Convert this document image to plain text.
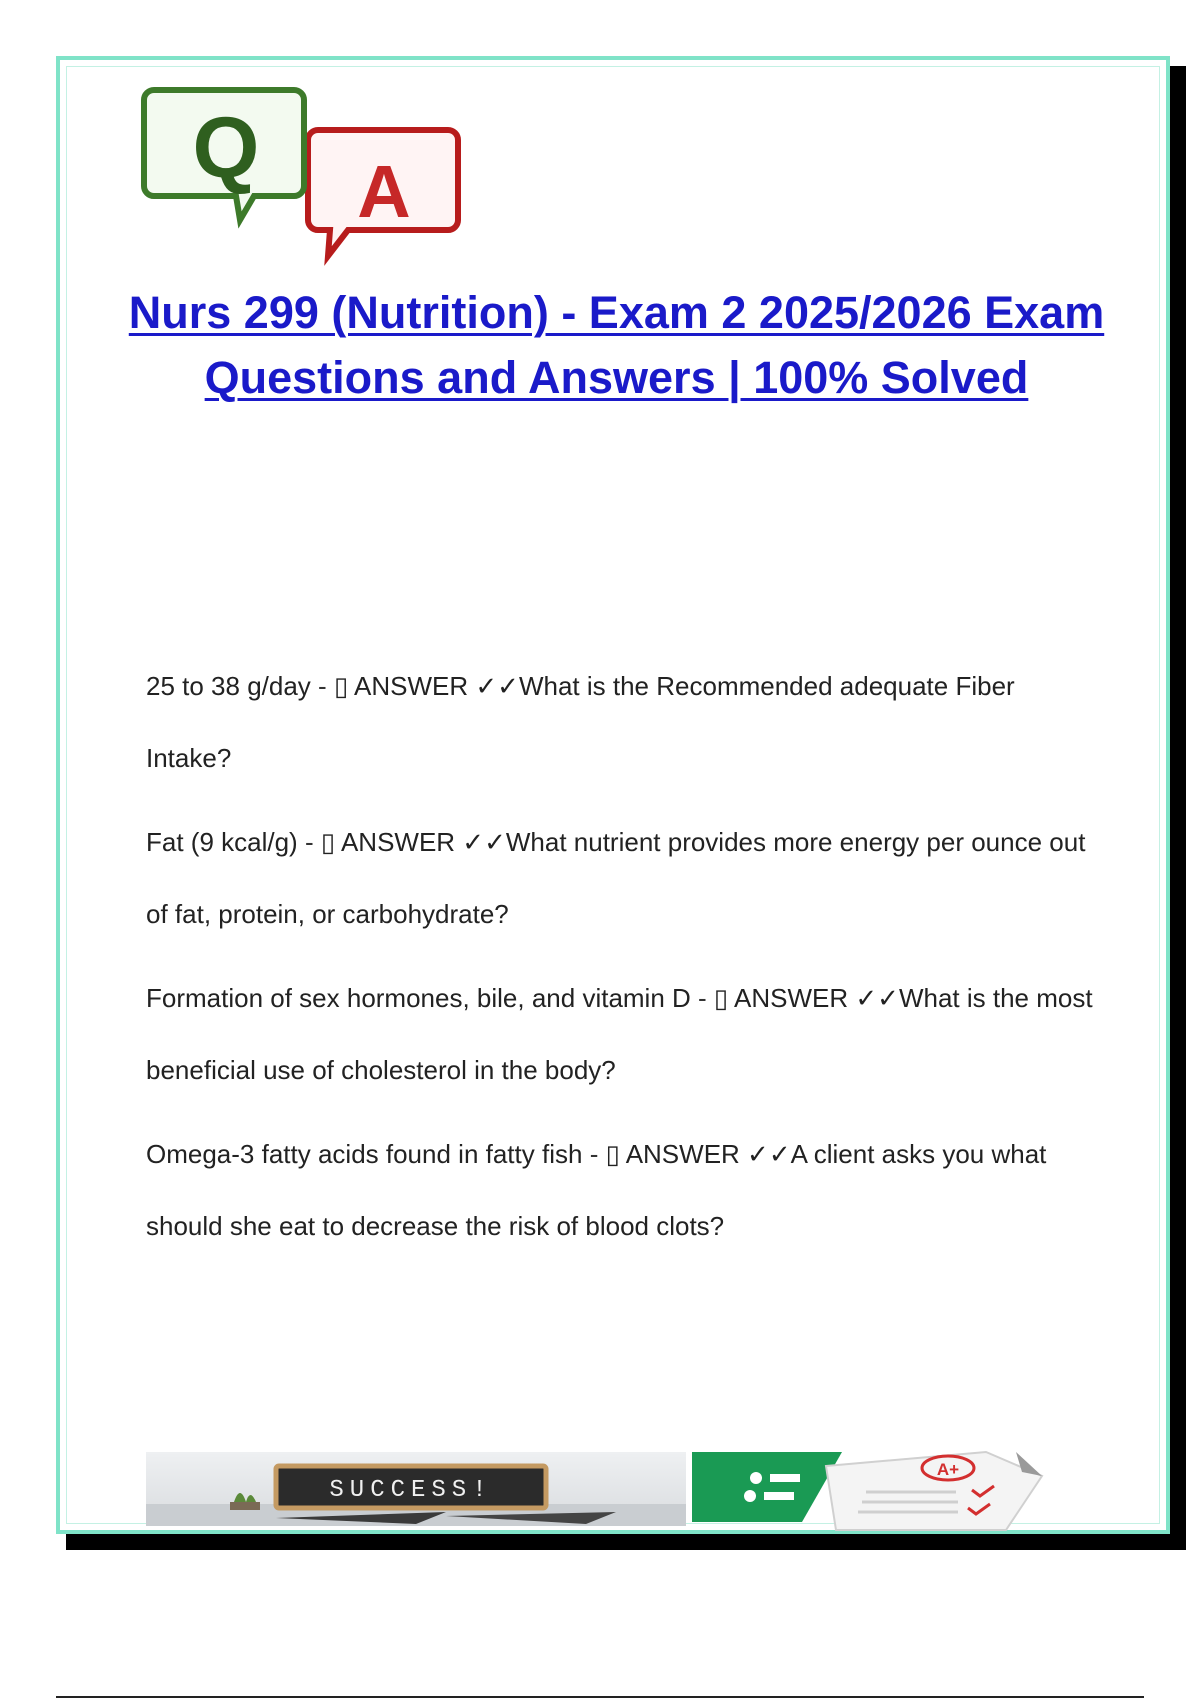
A
Q
Nurs 299 (Nutrition) - Exam 2 2025/2026 Exam Questions and Answers | 100% Solved

25 to 38 g/day - ▯ ANSWER ✓✓What is the Recommended adequate Fiber Intake?

Fat (9 kcal/g) - ▯ ANSWER ✓✓What nutrient provides more energy per ounce out of fat, protein, or carbohydrate?

Formation of sex hormones, bile, and vitamin D - ▯ ANSWER ✓✓What is the most beneficial use of cholesterol in the body?

Omega-3 fatty acids found in fatty fish - ▯ ANSWER ✓✓A client asks you what should she eat to decrease the risk of blood clots?

SUCCESS!
A+
